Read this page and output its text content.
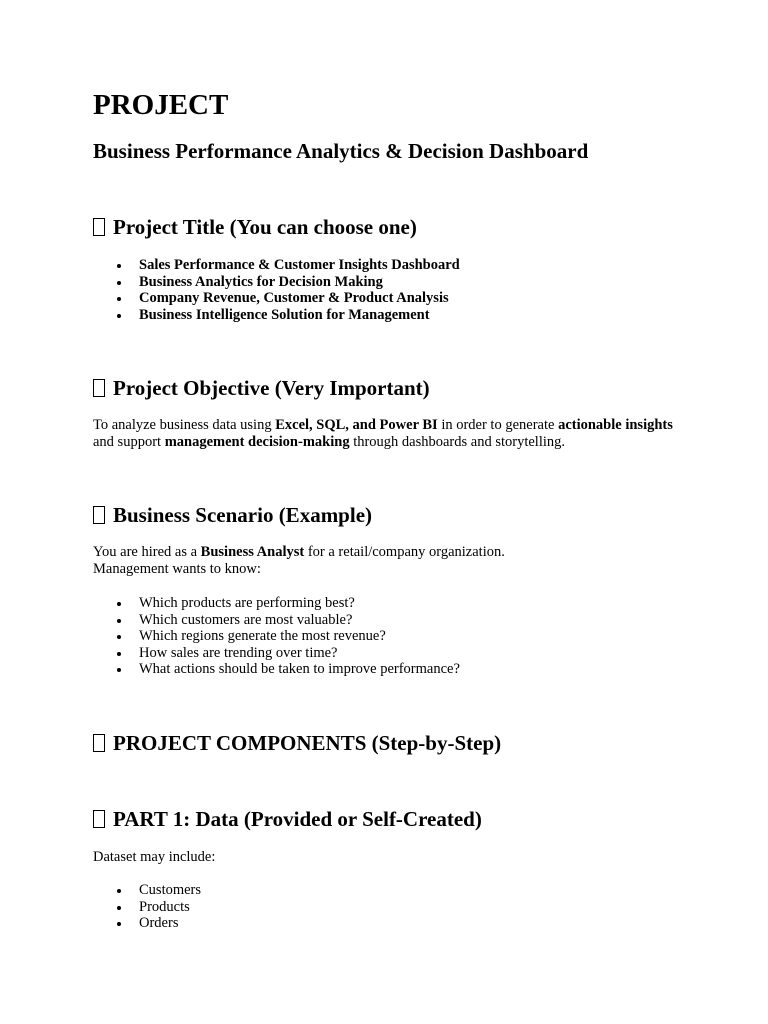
PROJECT
Business Performance Analytics & Decision Dashboard
Project Title (You can choose one)
Sales Performance & Customer Insights Dashboard
Business Analytics for Decision Making
Company Revenue, Customer & Product Analysis
Business Intelligence Solution for Management
Project Objective (Very Important)

To analyze business data using Excel, SQL, and Power BI in order to generate actionable insights and support management decision-making through dashboards and storytelling.

Business Scenario (Example)

You are hired as a Business Analyst for a retail/company organization.
Management wants to know:

Which products are performing best?
Which customers are most valuable?
Which regions generate the most revenue?
How sales are trending over time?
What actions should be taken to improve performance?
PROJECT COMPONENTS (Step-by-Step)
PART 1: Data (Provided or Self-Created)

Dataset may include:

Customers
Products
Orders
